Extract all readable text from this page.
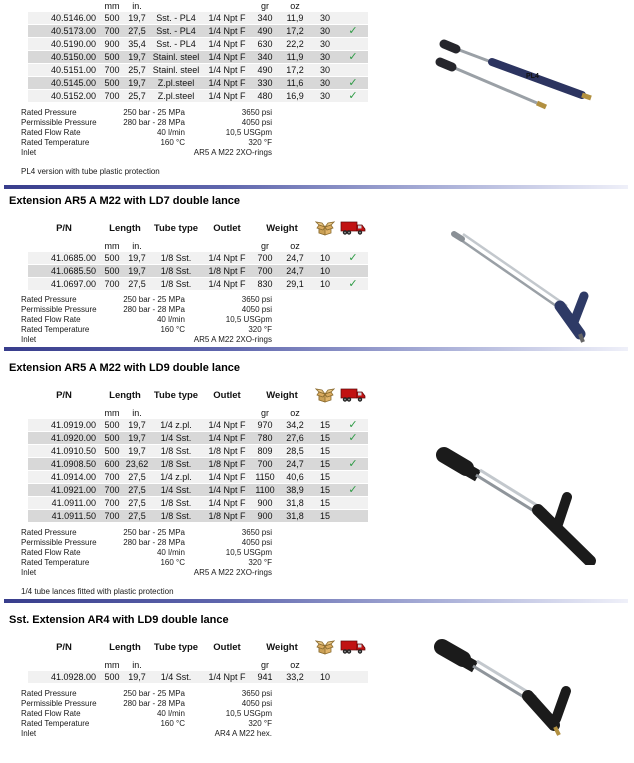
mm	in.	gr	oz
40.5146.00 500 19,7	Sst. - PL4	1/4 Npt F	340	11,9	30
40.5173.00 700 27,5	Sst. - PL4	1/4 Npt F	490	17,2	30	✓
40.5190.00 900 35,4	Sst. - PL4	1/4 Npt F	630	22,2	30
40.5150.00 500 19,7 Stainl. steel	1/4 Npt F	340	11,9	30	✓
40.5151.00 700 25,7 Stainl. steel	1/4 Npt F	490	17,2	30
40.5145.00 500 19,7	Z.pl.steel	1/4 Npt F	330	11,6	30	✓
40.5152.00 700 25,7	Z.pl.steel	1/4 Npt F	480	16,9	30	✓
Rated Pressure	250 bar - 25 MPa	3650 psi
Permissible Pressure	280 bar - 28 MPa	4050 psi
Rated Flow Rate	40 l/min	10,5 USGpm
Rated Temperature	160 °C	320 °F
Inlet	AR5 A M22 2XO-rings
PL4 version with tube plastic protection
Extension AR5 A M22 with LD7 double lance
P/N	Length	Tube type	Outlet	Weight
mm	in.	gr	oz
41.0685.00 500 19,7	1/8 Sst.	1/4 Npt F	700	24,7	10	✓
41.0685.50 500 19,7	1/8 Sst.	1/8 Npt F	700	24,7	10
41.0697.00 700 27,5	1/8 Sst.	1/4 Npt F	830	29,1	10	✓
Rated Pressure	250 bar - 25 MPa	3650 psi
Permissible Pressure	280 bar - 28 MPa	4050 psi
Rated Flow Rate	40 l/min	10,5 USGpm
Rated Temperature	160 °C	320 °F
Inlet	AR5 A M22 2XO-rings
Extension AR5 A M22 with LD9 double lance
P/N	Length	Tube type	Outlet	Weight
mm	in.	gr	oz
41.0919.00 500 19,7	1/4 z.pl.	1/4 Npt F	970	34,2	15	✓
41.0920.00 500 19,7	1/4 Sst.	1/4 Npt F	780	27,6	15	✓
41.0910.50 500 19,7	1/8 Sst.	1/8 Npt F	809	28,5	15
41.0908.50 600 23,62	1/8 Sst.	1/8 Npt F	700	24,7	15	✓
41.0914.00 700 27,5	1/4 z.pl.	1/4 Npt F	1150	40,6	15
41.0921.00 700 27,5	1/4 Sst.	1/4 Npt F	1100	38,9	15	✓
41.0911.00 700 27,5	1/8 Sst.	1/4 Npt F	900	31,8	15
41.0911.50 700 27,5	1/8 Sst.	1/8 Npt F	900	31,8	15
Rated Pressure	250 bar - 25 MPa	3650 psi
Permissible Pressure	280 bar - 28 MPa	4050 psi
Rated Flow Rate	40 l/min	10,5 USGpm
Rated Temperature	160 °C	320 °F
Inlet	AR5 A M22 2XO-rings
1/4 tube lances fitted with plastic protection
Sst. Extension AR4 with LD9 double lance
P/N	Length	Tube type	Outlet	Weight
mm	in.	gr	oz
41.0928.00 500 19,7	1/4 Sst.	1/4 Npt F	941	33,2	10
Rated Pressure	250 bar - 25 MPa	3650 psi
Permissible Pressure	280 bar - 28 MPa	4050 psi
Rated Flow Rate	40 l/min	10,5 USGpm
Rated Temperature	160 °C	320 °F
Inlet	AR4 A M22 hex.
PL4
